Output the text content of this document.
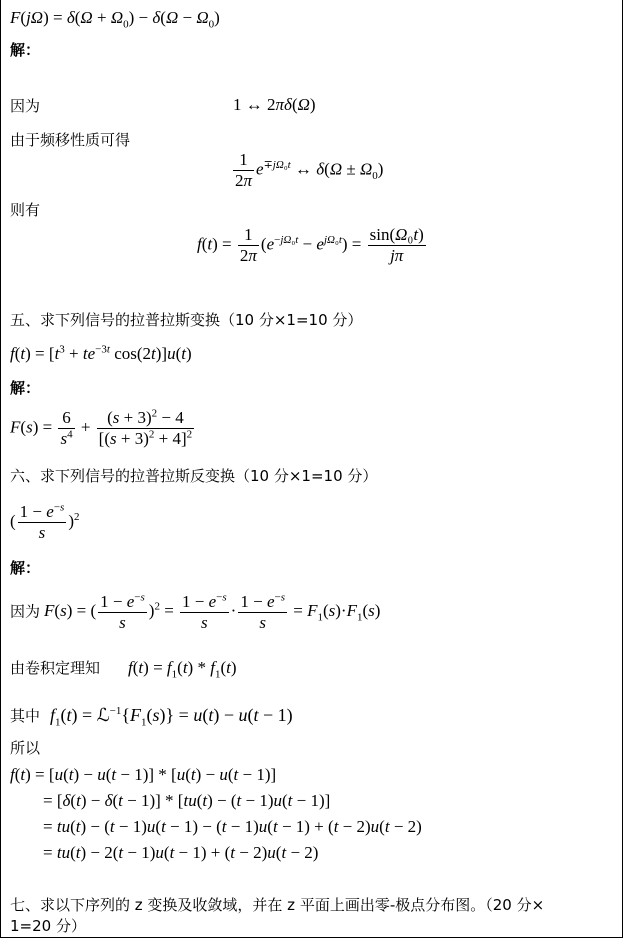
$F(j\Omega) = \delta(\Omega + \Omega_0) - \delta(\Omega - \Omega_0)$
解：
因为	1 ↔ 2πδ(Ω)
由于频移性质可得
$\frac{1}{2\pi} e^{\mp j\Omega_0t}$ ↔ $\delta(\Omega \pm \Omega_0)$
则有
$f(t) = \frac{1}{2\pi} (e^{-j\Omega_0t} - e^{j\Omega_0t}) = \frac{\text{sin(Ω₀t)}}{j\pi}$
五、求下列信号的拉普拉斯变换（10 分×1=10 分）
$f(t) = [t^3 + te^{-3t}$ cos(2t)]u(t)
解：
$F(s) = \frac{6}{s^4} + \frac{(s + 3)^2 - 4}{[(s + 3)^2 + 4]^2}$
六、求下列信号的拉普拉斯反变换（10 分×1=10 分）
( $\frac{1 - e^{-s}}{s} )^2$
解：
因为 F(s) = ( $\frac{1 - e^{-s}}{s} )^2 = \frac{1 - e^{-s}}{s} \cdot \frac{1 - e^{-s}}{s} = F_1(s)\cdot F_1(s)$
由卷积定理知 $f(t) = f_1(t) * f_1(t)$
其中 $f_1(t)$ = $ℒ^{-1}\{F_1(s)\} = u(t) - u(t - 1)$
所以
f(t) = [u(t) − u(t − 1)] * [u(t) − u(t − 1)]
= [δ(t) − δ(t − 1)] * [tu(t) − (t − 1)u(t − 1)]
= tu(t) − (t − 1)u(t − 1) − (t − 1)u(t − 1) + (t − 2)u(t − 2)
= tu(t) − 2(t − 1)u(t − 1) + (t − 2)u(t − 2)
七、求以下序列的 z 变换及收敛域，并在 z 平面上画出零-极点分布图。（20 分×
1=20 分）
